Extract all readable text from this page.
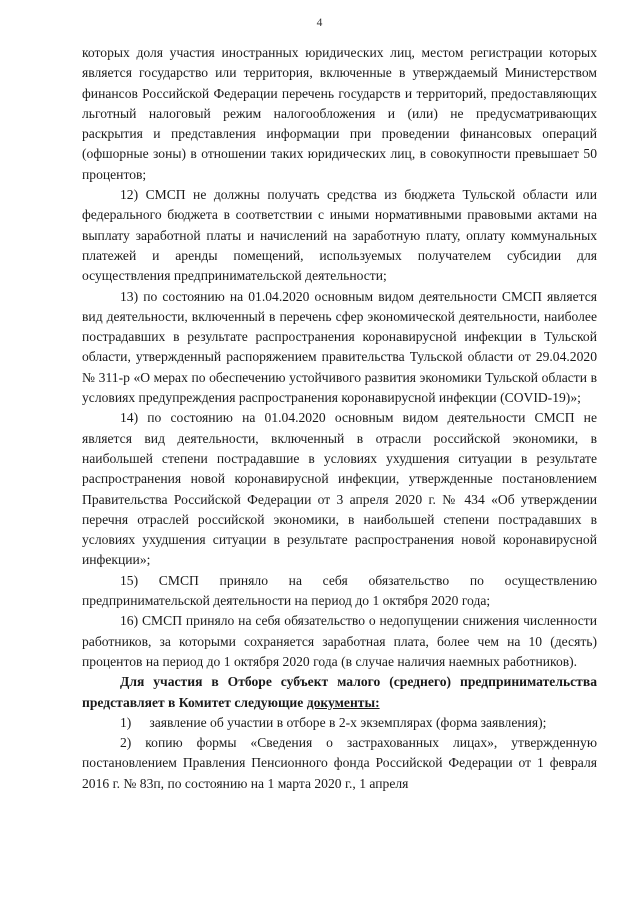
4

которых доля участия иностранных юридических лиц, местом регистрации которых является государство или территория, включенные в утверждаемый Министерством финансов Российской Федерации перечень государств и территорий, предоставляющих льготный налоговый режим налогообложения и (или) не предусматривающих раскрытия и представления информации при проведении финансовых операций (офшорные зоны) в отношении таких юридических лиц, в совокупности превышает 50 процентов;

12) СМСП не должны получать средства из бюджета Тульской области или федерального бюджета в соответствии с иными нормативными правовыми актами на выплату заработной платы и начислений на заработную плату, оплату коммунальных платежей и аренды помещений, используемых получателем субсидии для осуществления предпринимательской деятельности;

13) по состоянию на 01.04.2020 основным видом деятельности СМСП является вид деятельности, включенный в перечень сфер экономической деятельности, наиболее пострадавших в результате распространения коронавирусной инфекции в Тульской области, утвержденный распоряжением правительства Тульской области от 29.04.2020 № 311-р «О мерах по обеспечению устойчивого развития экономики Тульской области в условиях предупреждения распространения коронавирусной инфекции (COVID-19)»;

14) по состоянию на 01.04.2020 основным видом деятельности СМСП не является вид деятельности, включенный в отрасли российской экономики, в наибольшей степени пострадавшие в условиях ухудшения ситуации в результате распространения новой коронавирусной инфекции, утвержденные постановлением Правительства Российской Федерации от 3 апреля 2020 г. № 434 «Об утверждении перечня отраслей российской экономики, в наибольшей степени пострадавших в условиях ухудшения ситуации в результате распространения новой коронавирусной инфекции»;

15) СМСП приняло на себя обязательство по осуществлению предпринимательской деятельности на период до 1 октября 2020 года;

16) СМСП приняло на себя обязательство о недопущении снижения численности работников, за которыми сохраняется заработная плата, более чем на 10 (десять) процентов на период до 1 октября 2020 года (в случае наличия наемных работников).

Для участия в Отборе субъект малого (среднего) предпринимательства представляет в Комитет следующие документы:

1) заявление об участии в отборе в 2-х экземплярах (форма заявления);

2) копию формы «Сведения о застрахованных лицах», утвержденную постановлением Правления Пенсионного фонда Российской Федерации от 1 февраля 2016 г. № 83п, по состоянию на 1 марта 2020 г., 1 апреля
